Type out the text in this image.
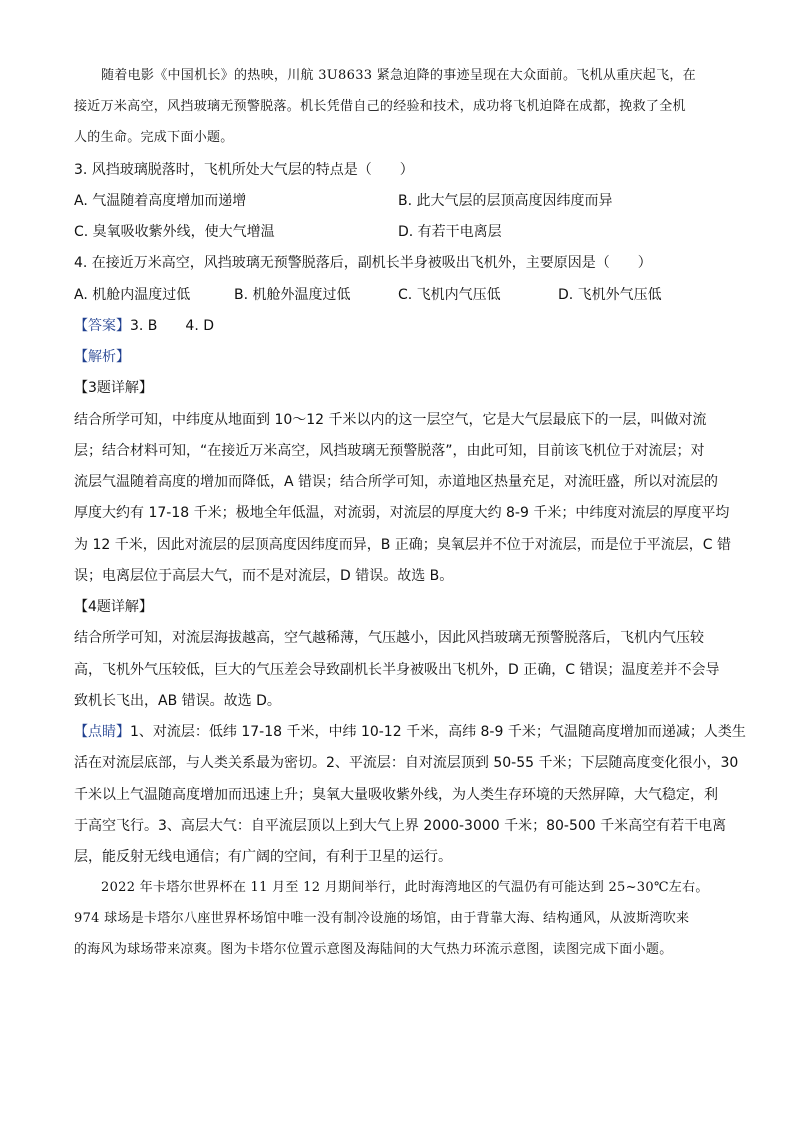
随着电影《中国机长》的热映，川航 3U8633 紧急迫降的事迹呈现在大众面前。飞机从重庆起飞，在
接近万米高空，风挡玻璃无预警脱落。机长凭借自己的经验和技术，成功将飞机迫降在成都，挽救了全机
人的生命。完成下面小题。
3. 风挡玻璃脱落时，飞机所处大气层的特点是（　　）
A. 气温随着高度增加而递增	B. 此大气层的层顶高度因纬度而异
C. 臭氧吸收紫外线，使大气增温	D. 有若干电离层
4. 在接近万米高空，风挡玻璃无预警脱落后，副机长半身被吸出飞机外，主要原因是（　　）
A. 机舱内温度过低	B. 机舱外温度过低	C. 飞机内气压低	D. 飞机外气压低
【答案】3. B　　4. D
【解析】
【3题详解】
结合所学可知，中纬度从地面到 10～12 千米以内的这一层空气，它是大气层最底下的一层，叫做对流
层；结合材料可知，“在接近万米高空，风挡玻璃无预警脱落”，由此可知，目前该飞机位于对流层；对
流层气温随着高度的增加而降低，A 错误；结合所学可知，赤道地区热量充足，对流旺盛，所以对流层的
厚度大约有 17-18 千米；极地全年低温，对流弱，对流层的厚度大约 8-9 千米；中纬度对流层的厚度平均
为 12 千米，因此对流层的层顶高度因纬度而异，B 正确；臭氧层并不位于对流层，而是位于平流层，C 错
误；电离层位于高层大气，而不是对流层，D 错误。故选 B。
【4题详解】
结合所学可知，对流层海拔越高，空气越稀薄，气压越小，因此风挡玻璃无预警脱落后，飞机内气压较
高，飞机外气压较低，巨大的气压差会导致副机长半身被吸出飞机外，D 正确，C 错误；温度差并不会导
致机长飞出，AB 错误。故选 D。
【点睛】1、对流层：低纬 17-18 千米，中纬 10-12 千米，高纬 8-9 千米；气温随高度增加而递减；人类生
活在对流层底部，与人类关系最为密切。2、平流层：自对流层顶到 50-55 千米；下层随高度变化很小，30
千米以上气温随高度增加而迅速上升；臭氧大量吸收紫外线，为人类生存环境的天然屏障，大气稳定，利
于高空飞行。3、高层大气：自平流层顶以上到大气上界 2000-3000 千米；80-500 千米高空有若干电离
层，能反射无线电通信；有广阔的空间，有利于卫星的运行。
2022 年卡塔尔世界杯在 11 月至 12 月期间举行，此时海湾地区的气温仍有可能达到 25~30℃左右。
974 球场是卡塔尔八座世界杯场馆中唯一没有制冷设施的场馆，由于背靠大海、结构通风，从波斯湾吹来
的海风为球场带来凉爽。图为卡塔尔位置示意图及海陆间的大气热力环流示意图，读图完成下面小题。
